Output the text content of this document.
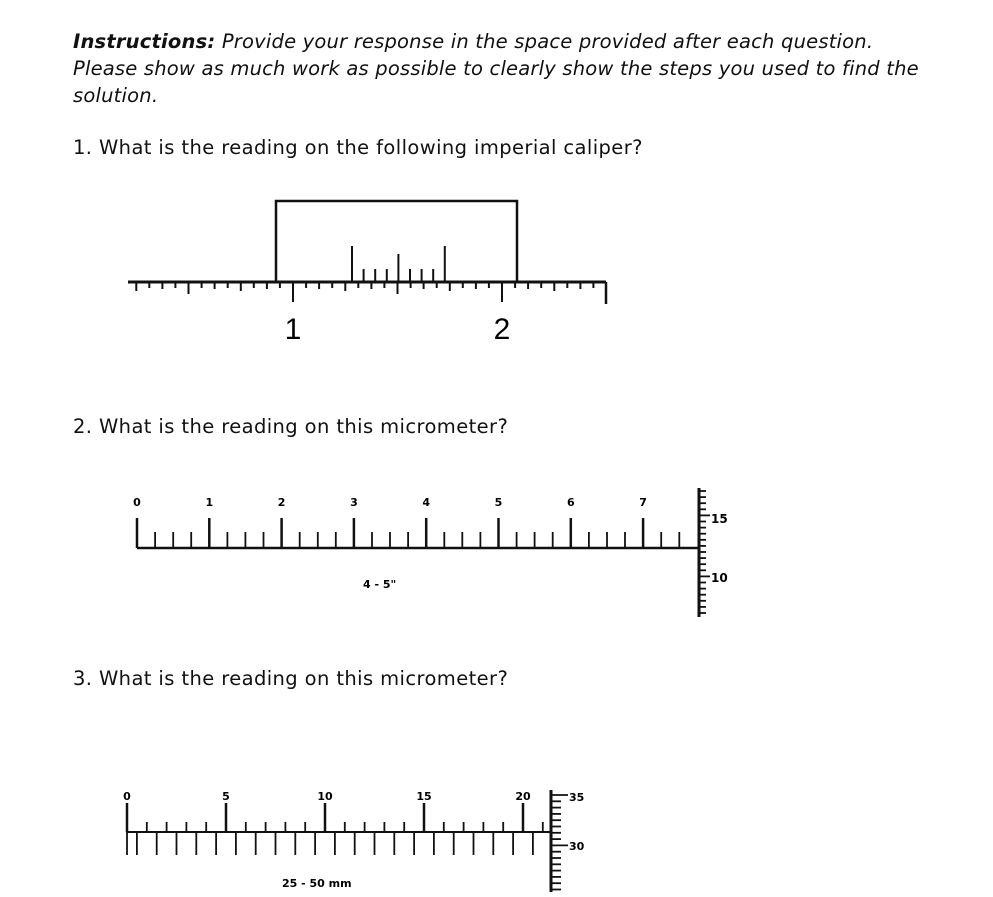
Instructions: Provide your response in the space provided after each question. Please show as much work as possible to clearly show the steps you used to find the solution.
1. What is the reading on the following imperial caliper?
2. What is the reading on this micrometer?
3. What is the reading on this micrometer?
1	2
0	1	2	3	4	5	6	7
15
10
4 - 5"
0	5	10	15	20	35
30
25 - 50 mm
